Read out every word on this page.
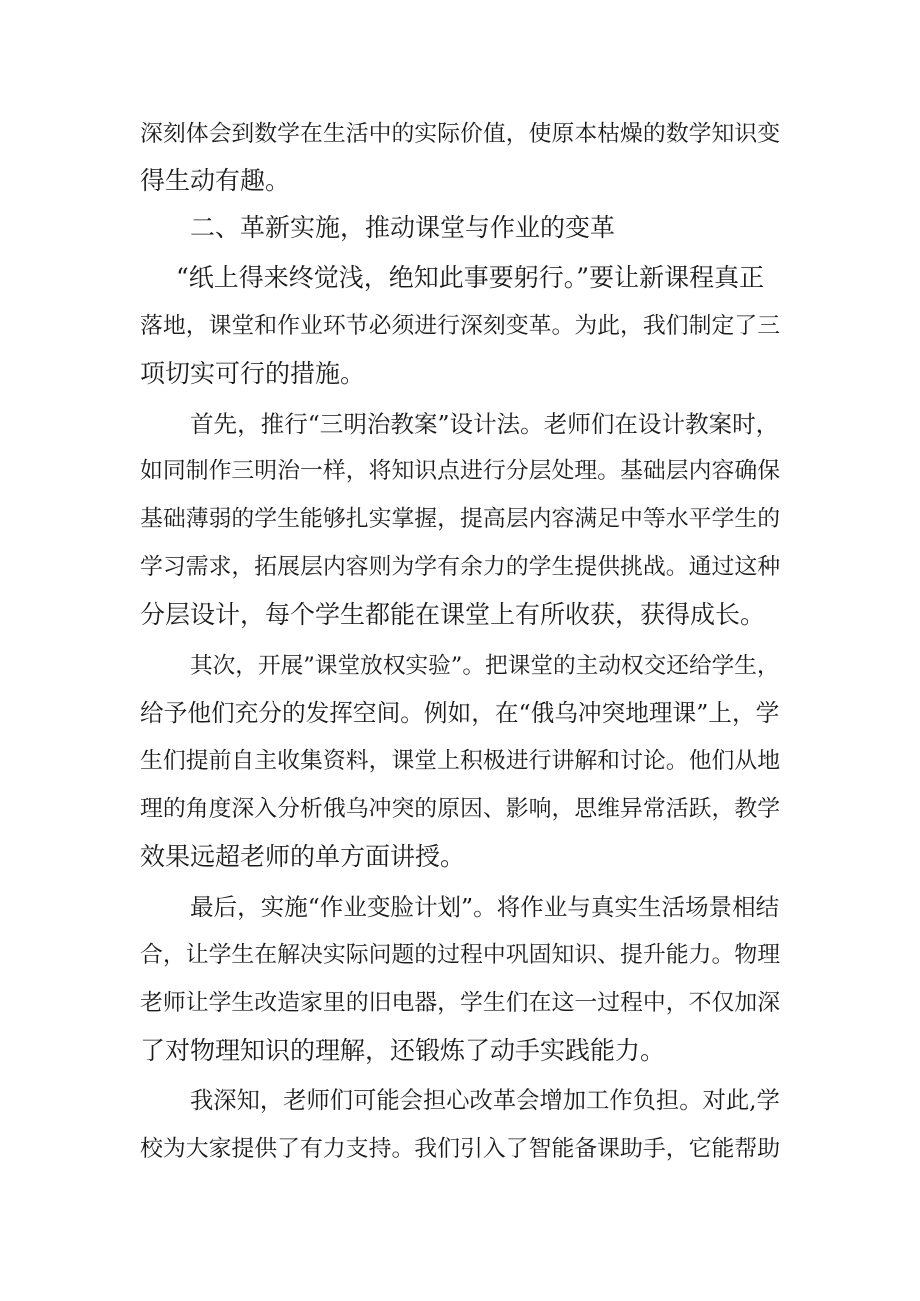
深刻体会到数学在生活中的实际价值，使原本枯燥的数学知识变
得生动有趣。
二、革新实施，推动课堂与作业的变革
“纸上得来终觉浅，绝知此事要躬行。”要让新课程真正
落地，课堂和作业环节必须进行深刻变革。为此，我们制定了三
项切实可行的措施。
首先，推行“三明治教案”设计法。老师们在设计教案时，
如同制作三明治一样，将知识点进行分层处理。基础层内容确保
基础薄弱的学生能够扎实掌握，提高层内容满足中等水平学生的
学习需求，拓展层内容则为学有余力的学生提供挑战。通过这种
分层设计，每个学生都能在课堂上有所收获，获得成长。
其次，开展”课堂放权实验”。把课堂的主动权交还给学生，
给予他们充分的发挥空间。例如，在“俄乌冲突地理课”上，学
生们提前自主收集资料，课堂上积极进行讲解和讨论。他们从地
理的角度深入分析俄乌冲突的原因、影响，思维异常活跃，教学
效果远超老师的单方面讲授。
最后，实施“作业变脸计划”。将作业与真实生活场景相结
合，让学生在解决实际问题的过程中巩固知识、提升能力。物理
老师让学生改造家里的旧电器，学生们在这一过程中，不仅加深
了对物理知识的理解，还锻炼了动手实践能力。
我深知，老师们可能会担心改革会增加工作负担。对此,学
校为大家提供了有力支持。我们引入了智能备课助手，它能帮助
